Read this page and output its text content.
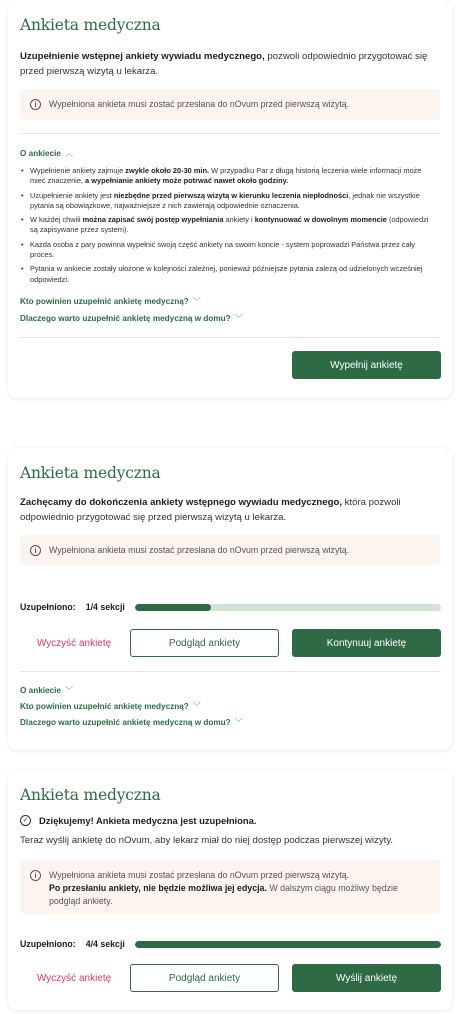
Ankieta medyczna
Uzupełnienie wstępnej ankiety wywiadu medycznego, pozwoli odpowiednio przygotować się przed pierwszą wizytą u lekarza.
i	Wypełniona ankieta musi zostać przesłana do nOvum przed pierwszą wizytą.
O ankiecie ︿
• Wypełnienie ankiety zajmuje zwykle około 20-30 min. W przypadku Par z długą historią leczenia wiele informacji może mieć znaczenie, a wypełnianie ankiety może potrwać nawet około godziny.
• Uzupełnienie ankiety jest niezbędne przed pierwszą wizytą w kierunku leczenia niepłodności, jednak nie wszystkie pytania są obowiązkowe, najważniejsze z nich zawierają odpowiednie oznaczenia.
• W każdej chwili można zapisać swój postęp wypełniania ankiety i kontynuować w dowolnym momencie (odpowiedzi są zapisywane przez system).
• Każda osoba z pary powinna wypełnić swoją część ankiety na swoim koncie - system poprowadzi Państwa przez cały proces.
• Pytania w ankiecie zostały ułożone w kolejności zależnej, ponieważ późniejsze pytania zależą od udzielonych wcześniej odpowiedzi.
Kto powinien uzupełnić ankietę medyczną? ﹀
Dlaczego warto uzupełnić ankietę medyczną w domu? ﹀
Wypełnij ankietę
Ankieta medyczna
Zachęcamy do dokończenia ankiety wstępnego wywiadu medycznego, która pozwoli odpowiednio przygotować się przed pierwszą wizytą u lekarza.
i	Wypełniona ankieta musi zostać przesłana do nOvum przed pierwszą wizytą.
Uzupełniono: 1/4 sekcji
Wyczyść ankietę	Podgląd ankiety	Kontynuuj ankietę
O ankiecie ﹀
Kto powinien uzupełnić ankietę medyczną? ﹀
Dlaczego warto uzupełnić ankietę medyczną w domu? ﹀
Ankieta medyczna
✓ Dziękujemy! Ankieta medyczna jest uzupełniona.
Teraz wyślij ankietę do nOvum, aby lekarz miał do niej dostęp podczas pierwszej wizyty.
i	Wypełniona ankieta musi zostać przesłana do nOvum przed pierwszą wizytą.
Po przesłaniu ankiety, nie będzie możliwa jej edycja. W dalszym ciągu możliwy będzie podgląd ankiety.
Uzupełniono: 4/4 sekcji
Wyczyść ankietę	Podgląd ankiety	Wyślij ankietę
